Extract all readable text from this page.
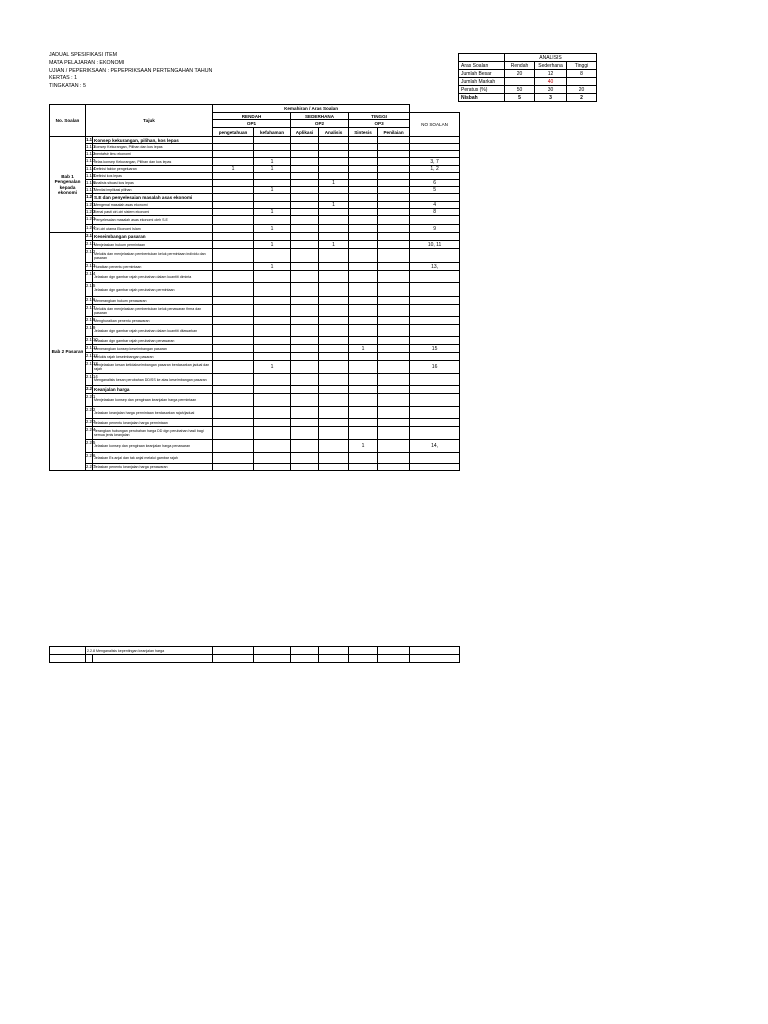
JADUAL SPESIFIKASI ITEM
MATA PELAJARAN : EKONOMI
UJIAN / PEPERIKSAAN : PEPEPRIKSAAN PERTENGAHAN TAHUN
KERTAS : 1
TINGKATAN : 5
	ANALISIS		
Aras Soalan	Rendah	Sederhana	Tinggi
Jumlah Besar	20	12	8
Jumlah Markah		40	
Peratus (%)	50	30	20
Nisbah	5	3	2
No. Soalan	Tajuk		Kemahiran / Aras Soalan						
			RENDAH		SEDERHANA		TINGGI		NO SOALAN
			OP1		OP2		OP3		
			pengetahuan	kefahaman	Aplikasi	Analisis	Sintesis	Penilaian	
Bab 1 Pengenalan kepada ekonomi	1.1	Konsep kekurangan, pilihan, kos lepas							
	1.1.1	Konsep Kekurangan, Pilihan dan kos lepas							
	1.1.2	mentafsir ilmu ekonomi							
	1.1.3	Jelas konsep Kekurangan, Pilihan dan kos lepas		1					3, 7
	1.1.4	Definisi faktor pengeluaran	1	1					1, 2
	1.1.5	Definisi kos lepas							
	1.1.6	Analisis situasi kos lepas				1			6
	1.1.7	Menilai implikasi pilihan		1					5
	1.2	S.E dan penyelesaian masalah asas ekonomi							
	1.2.1	Mengenal masalah asas ekonomi				1			4
	1.2.2	Kenal pasti ciri-ciri sistem ekonomi		1					8
	1.2.3	Penyelesaian masalah asas ekonomi oleh S.E							
	1.2.4	Ciri-ciri utama Ekonomi Islam		1					9
Bab 2 Pasaran	2.1	Keseimbangan pasaran							
	2.1.1	Menjelaskan hukum permintaan		1		1			10, 11
	2.1.2	Melukis dan menjelaskan pembentukan keluk permintaan individu dan pasaran							
	2.1.3	Huraikan penentu permintaan		1					13,
	2.1.4	Jelaskan dgn gambar rajah perubahan dalam kuantiti diminta							
	2.1.5	Jelaskan dgn gambar rajah perubahan permintaan							
	2.1.6	Menerangkan hukum penawaran							
	2.1.7	Melukis dan menjelaskan pembentukan keluk penawaran firma dan pasaran							
	2.1.8	Menghuraikan penentu penawaran							
	2.1.9	Jelaskan dgn gambar rajah perubahan dalam kuantiti ditawarkan							
	2.1.10	Jelaskan dgn gambar rajah perubahan penawaran							
	2.1.11	Menerangkan konsep keseimbangan pasaran					1		15
	2.1.12	Melukis rajah keseimbangan pasaran							
	2.1.13	Menjelaskan kesan ketidakseimbangan pasaran berdasarkan jadual dan rajah		1					16
	2.1.14	Menganalisis kesan perubahan DD/SS ke atas keseimbangan pasaran							
	2.2	Keanjalan harga							
	2.2.1	Menjelaskan konsep dan pengiraan keanjalan harga permintaan							
	2.2.2	Jelaskan keanjalan harga permintaan berdasarkan rajah/jadual							
	2.2.3	Jelaskan penentu keanjalan harga permintaan							
	2.2.4	Terangkan hubungan perubahan harga DD dgn perubahan hasil bagi semua jenis keanjalan							
	2.2.5	Jelaskan konsep dan pengiraan keanjalan harga penawaran					1		14,
	2.2.6	Jelaskan Es anjal dan tak anjal melalui gambar rajah							
	2.2.7	Jelaskan penentu keanjalan harga penawaran							
	2.2.8 Menganalisis kepentingan keanjalan harga								
